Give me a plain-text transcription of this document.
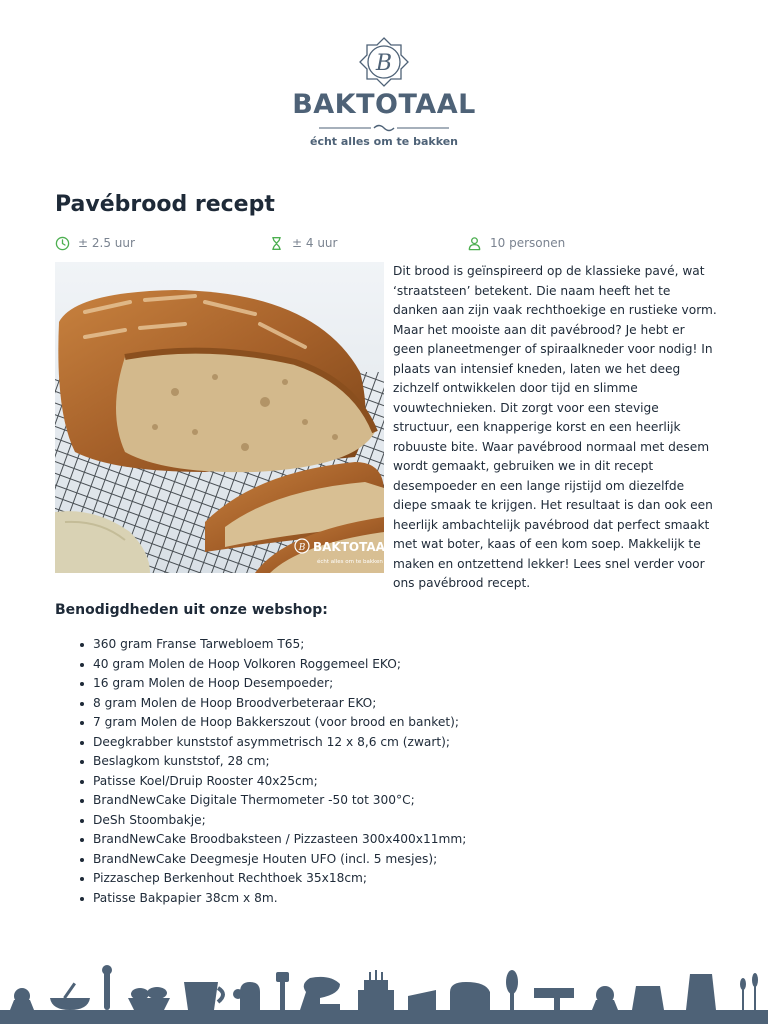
B
BAKTOTAAL
écht alles om te bakken
Pavébrood recept
± 2.5 uur	± 4 uur	10 personen
B BAKTOTAAL
écht alles om te bakken

Dit brood is geïnspireerd op de klassieke pavé, wat ‘straatsteen’ betekent. Die naam heeft het te danken aan zijn vaak rechthoekige en rustieke vorm. Maar het mooiste aan dit pavébrood? Je hebt er geen planeetmenger of spiraalkneder voor nodig! In plaats van intensief kneden, laten we het deeg zichzelf ontwikkelen door tijd en slimme vouwtechnieken. Dit zorgt voor een stevige structuur, een knapperige korst en een heerlijk robuuste bite. Waar pavébrood normaal met desem wordt gemaakt, gebruiken we in dit recept desempoeder en een lange rijstijd om diezelfde diepe smaak te krijgen. Het resultaat is dan ook een heerlijk ambachtelijk pavébrood dat perfect smaakt met wat boter, kaas of een kom soep. Makkelijk te maken en ontzettend lekker! Lees snel verder voor ons pavébrood recept.

Benodigdheden uit onze webshop:
360 gram Franse Tarwebloem T65;
40 gram Molen de Hoop Volkoren Roggemeel EKO;
16 gram Molen de Hoop Desempoeder;
8 gram Molen de Hoop Broodverbeteraar EKO;
7 gram Molen de Hoop Bakkerszout (voor brood en banket);
Deegkrabber kunststof asymmetrisch 12 x 8,6 cm (zwart);
Beslagkom kunststof, 28 cm;
Patisse Koel/Druip Rooster 40x25cm;
BrandNewCake Digitale Thermometer -50 tot 300°C;
DeSh Stoombakje;
BrandNewCake Broodbaksteen / Pizzasteen 300x400x11mm;
BrandNewCake Deegmesje Houten UFO (incl. 5 mesjes);
Pizzaschep Berkenhout Rechthoek 35x18cm;
Patisse Bakpapier 38cm x 8m.
